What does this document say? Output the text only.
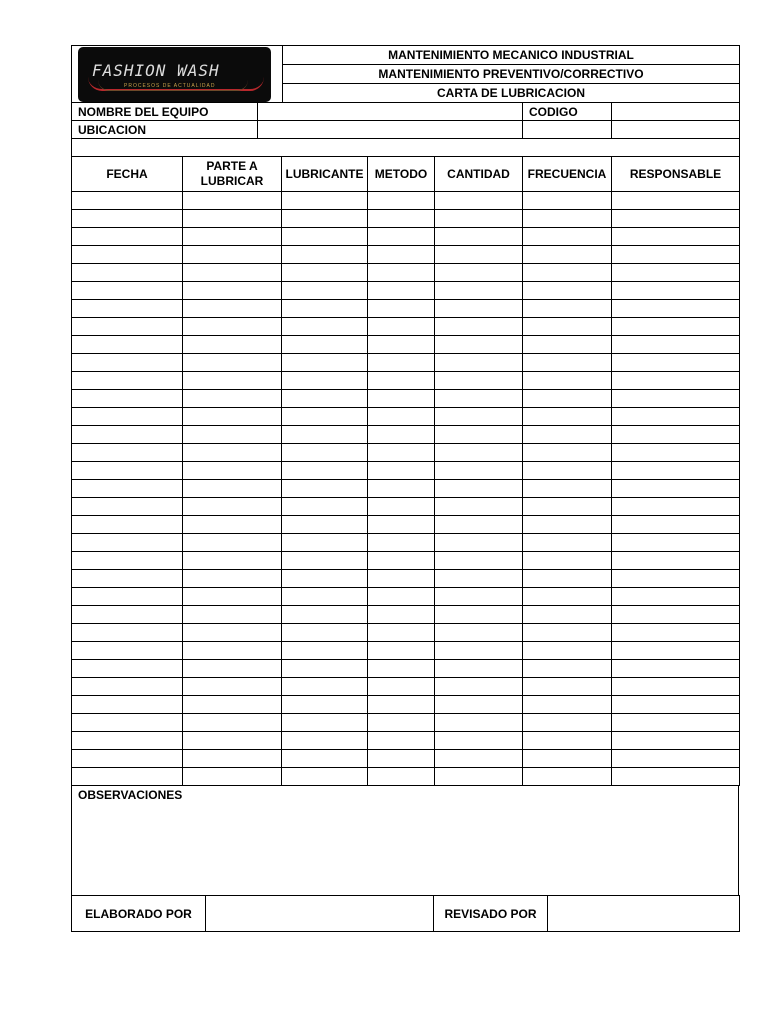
FASHION WASH
PROCESOS DE ACTUALIDAD
	MANTENIMIENTO MECANICO INDUSTRIAL
MANTENIMIENTO PREVENTIVO/CORRECTIVO
CARTA DE LUBRICACION
NOMBRE DEL EQUIPO		CODIGO	
UBICACION			

FECHA	PARTE A LUBRICAR	LUBRICANTE	METODO	CANTIDAD	FRECUENCIA	RESPONSABLE

OBSERVACIONES
ELABORADO POR		REVISADO POR	
